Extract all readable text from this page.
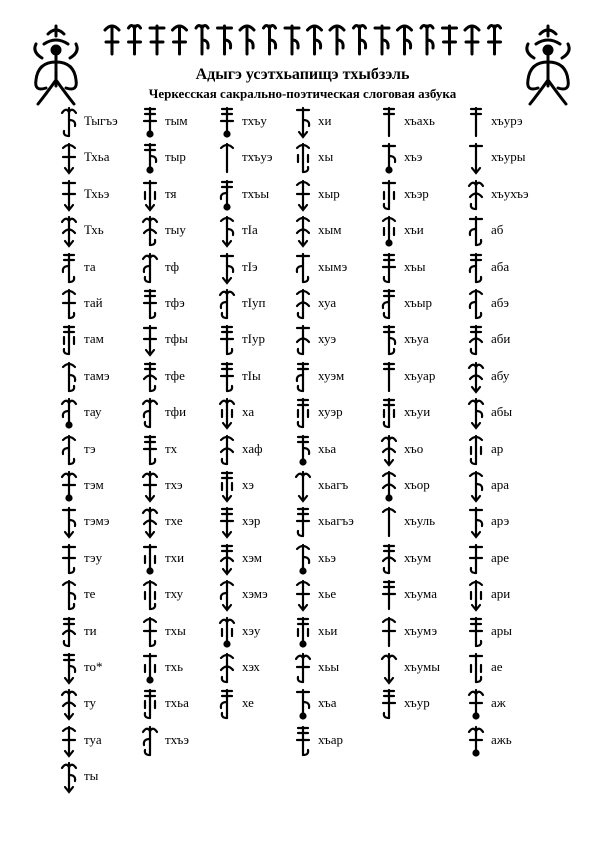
Адыгэ усэтхьапищэ тхыбзэль
Черкесская сакрально-поэтическая слоговая азбука
Тыгъэ
Тхьа
Тхьэ
Тхь
та
тай
там
тамэ
тау
тэ
тэм
тэмэ
тэу
те
ти
то*
ту
туа
ты
тым
тыр
тя
тыу
тф
тфэ
тфы
тфе
тфи
тх
тхэ
тхе
тхи
тху
тхы
тхь
тхьа
тхъэ
тхъу
тхъуэ
тхъы
тIа
тIэ
тIуп
тIур
тIы
ха
хаф
хэ
хэр
хэм
хэмэ
хэу
хэх
хе
хи
хы
хыр
хым
хымэ
хуа
хуэ
хуэм
хуэр
хьа
хьагъ
хьагъэ
хьэ
хье
хьи
хьы
хъа
хъар
хъахь
хъэ
хъэр
хъи
хъы
хъыр
хъуа
хъуар
хъуи
хъо
хъор
хъуль
хъум
хъума
хъумэ
хъумы
хъур
хъурэ
хъуры
хъухъэ
аб
аба
абэ
аби
абу
абы
ар
ара
арэ
аре
ари
ары
ае
аж
ажь
